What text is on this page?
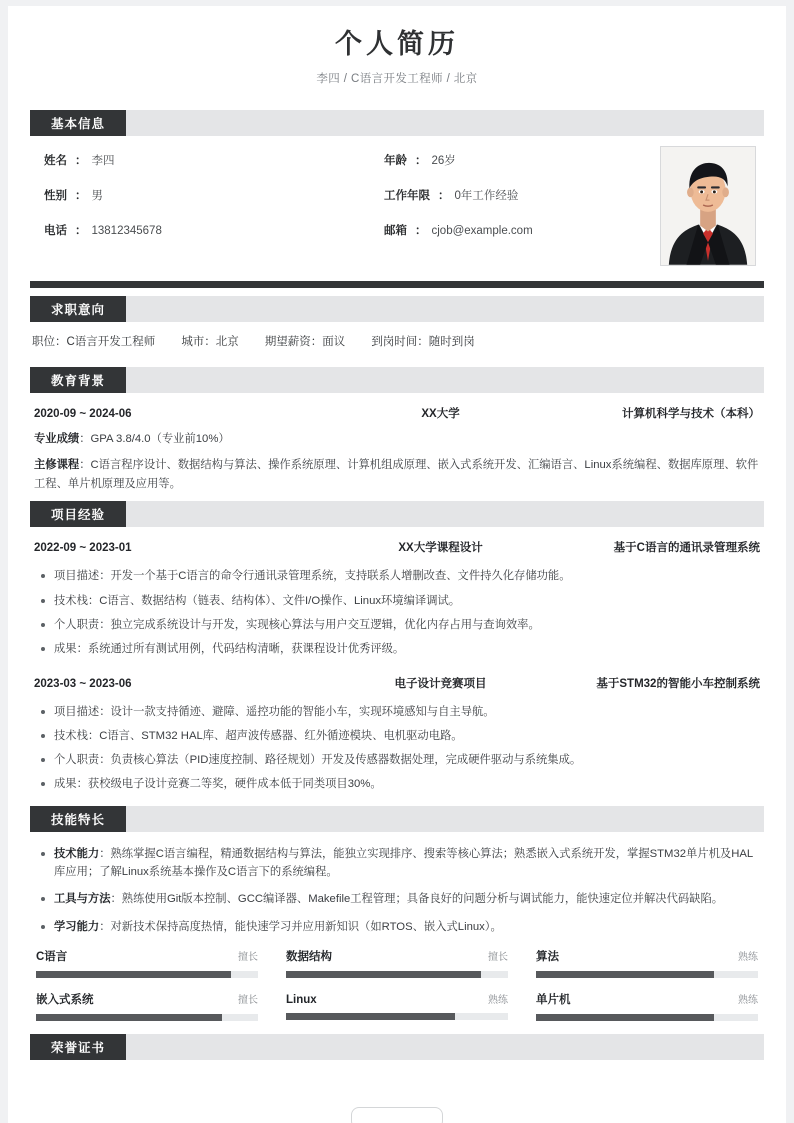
个人简历
李四 / C语言开发工程师 / 北京
基本信息
姓名 ： 李四	年龄 ： 26岁
性别 ： 男	工作年限 ： 0年工作经验
电话 ： 13812345678	邮箱 ： cjob@example.com
求职意向
职位：C语言开发工程师 城市：北京 期望薪资：面议 到岗时间：随时到岗
教育背景
2020-09 ~ 2024-06	XX大学	计算机科学与技术（本科）
专业成绩：GPA 3.8/4.0（专业前10%）
主修课程：C语言程序设计、数据结构与算法、操作系统原理、计算机组成原理、嵌入式系统开发、汇编语言、Linux系统编程、数据库原理、软件工程、单片机原理及应用等。
项目经验
2022-09 ~ 2023-01	XX大学课程设计	基于C语言的通讯录管理系统
项目描述：开发一个基于C语言的命令行通讯录管理系统，支持联系人增删改查、文件持久化存储功能。
技术栈：C语言、数据结构（链表、结构体）、文件I/O操作、Linux环境编译调试。
个人职责：独立完成系统设计与开发，实现核心算法与用户交互逻辑，优化内存占用与查询效率。
成果：系统通过所有测试用例，代码结构清晰，获课程设计优秀评级。
2023-03 ~ 2023-06	电子设计竞赛项目	基于STM32的智能小车控制系统
项目描述：设计一款支持循迹、避障、遥控功能的智能小车，实现环境感知与自主导航。
技术栈：C语言、STM32 HAL库、超声波传感器、红外循迹模块、电机驱动电路。
个人职责：负责核心算法（PID速度控制、路径规划）开发及传感器数据处理，完成硬件驱动与系统集成。
成果：获校级电子设计竞赛二等奖，硬件成本低于同类项目30%。
技能特长
技术能力：熟练掌握C语言编程，精通数据结构与算法，能独立实现排序、搜索等核心算法；熟悉嵌入式系统开发，掌握STM32单片机及HAL库应用；了解Linux系统基本操作及C语言下的系统编程。
工具与方法：熟练使用Git版本控制、GCC编译器、Makefile工程管理；具备良好的问题分析与调试能力，能快速定位并解决代码缺陷。
学习能力：对新技术保持高度热情，能快速学习并应用新知识（如RTOS、嵌入式Linux）。
C语言	擅长 数据结构	擅长 算法	熟练
嵌入式系统	擅长 Linux	熟练 单片机	熟练
荣誉证书
